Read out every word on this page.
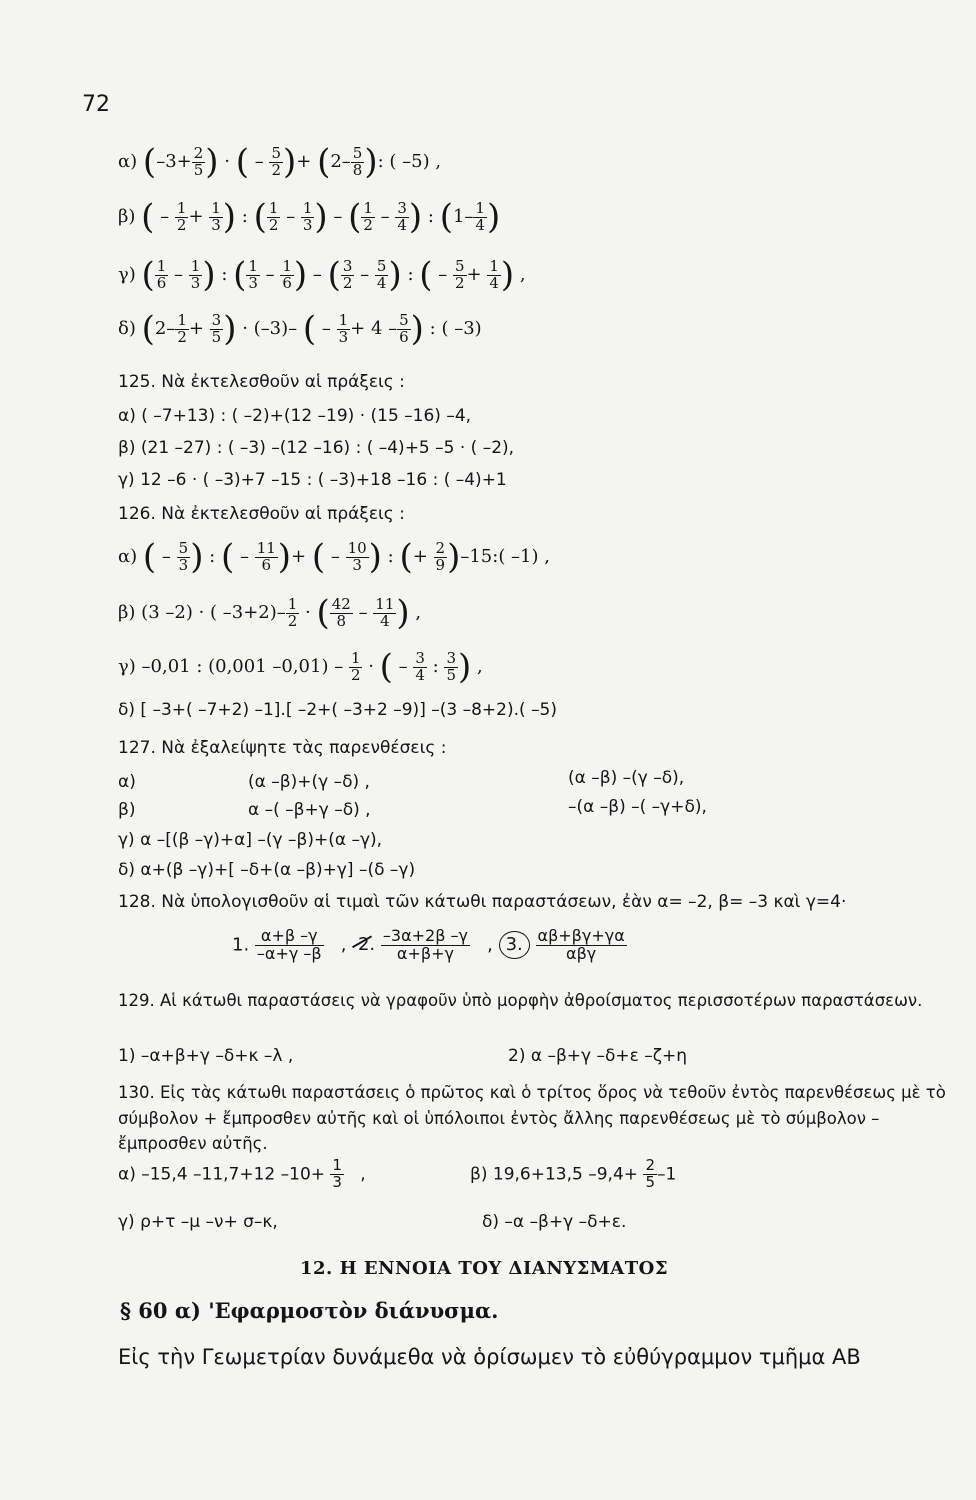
72
α) ($-3+ \frac{2}{5}$ ) · ( – $\frac{5}{2}$ )+ ($2- \frac{5}{8}$ ): ( –5) ,
β) ( – $\frac{1}{2} + \frac{1}{3}$ ) : ( $\frac{1}{2} - \frac{1}{3}$ ) – ( $\frac{1}{2} - \frac{3}{4}$ ) : ($1- \frac{1}{4}$ )
γ) ( $\frac{1}{6} - \frac{1}{3}$ ) : ( $\frac{1}{3} - \frac{1}{6}$ ) – ( $\frac{3}{2} - \frac{5}{4}$ ) : ( – $\frac{5}{2} + \frac{1}{4}$ ) ,
δ) ($2- \frac{1}{2} + \frac{3}{5}$ ) · (–3)– ( – $\frac{1}{3} + 4 - \frac{5}{6}$ ) : ( –3)
125. Νὰ ἐκτελεσθοῦν αἱ πράξεις :
α) ( –7+13) : ( –2)+(12 –19) · (15 –16) –4,
β) (21 –27) : ( –3) –(12 –16) : ( –4)+5 –5 · ( –2),
γ) 12 –6 · ( –3)+7 –15 : ( –3)+18 –16 : ( –4)+1
126. Νὰ ἐκτελεσθοῦν αἱ πράξεις :
α) ( – $\frac{5}{3}$ ) : ( – $\frac{11}{6}$ )+ ( – $\frac{10}{3}$ ) : (+ $\frac{2}{9}$ )–15:( –1) ,
β) (3 –2) · ( $-3+2)- \frac{1}{2}$ · ( $\frac{42}{8} - \frac{11}{4}$ ) ,
γ) –0,01 : (0,001 $-0,01) - \frac{1}{2}$ · ( – $\frac{3}{4}$ : $\frac{3}{5}$ ) ,
δ) [ –3+( –7+2) –1].[ –2+( –3+2 –9)] –(3 –8+2).( –5)
127. Νὰ ἐξαλείψητε τὰς παρενθέσεις :
α)	(α –β)+(γ –δ) ,	(α –β) –(γ –δ),
β)	α –( –β+γ –δ) ,	–(α –β) –( –γ+δ),
γ) α –[(β –γ)+α] –(γ –β)+(α –γ),
δ) α+(β –γ)+[ –δ+(α –β)+γ] –(δ –γ)
128. Νὰ ὑπολογισθοῦν αἱ τιμαὶ τῶν κάτωθι παραστάσεων, ἐὰν α= –2, β= –3 καὶ γ=4·
1. $\frac{\alpha+\beta -\gamma}{-\alpha+\gamma -\beta}$ ,  2. $\frac{-3\alpha+2\beta -\gamma}{\alpha+\beta+\gamma}$ , 3. αβ+βγ+γα
αβγ
129. Αἱ κάτωθι παραστάσεις νὰ γραφοῦν ὑπὸ μορφὴν ἀθροίσματος περισσοτέρων παραστάσεων.
1) –α+β+γ –δ+κ –λ ,	2) α –β+γ –δ+ε –ζ+η
130. Εἰς τὰς κάτωθι παραστάσεις ὁ πρῶτος καὶ ὁ τρίτος ὅρος νὰ τεθοῦν ἐντὸς παρενθέσεως μὲ τὸ σύμβολον + ἔμπροσθεν αὐτῆς καὶ οἱ ὑπόλοιποι ἐντὸς ἄλλης παρενθέσεως μὲ τὸ σύμβολον – ἔμπροσθεν αὐτῆς.
α) –15,4 –11,7+12 $-10+ \frac{1}{3}$ ,	β) 19,6+13,5 $-9,4+ \frac{2}{5} -1$
γ) ρ+τ –μ –ν+ σ–κ,	δ) –α –β+γ –δ+ε.
12. Η ΕΝΝΟΙΑ ΤΟΥ ΔΙΑΝΥΣΜΑΤΟΣ
§ 60 α) 'Εφαρμοστὸν διάνυσμα.
Εἰς τὴν Γεωμετρίαν δυνάμεθα νὰ ὁρίσωμεν τὸ εὐθύγραμμον τμῆμα AB
